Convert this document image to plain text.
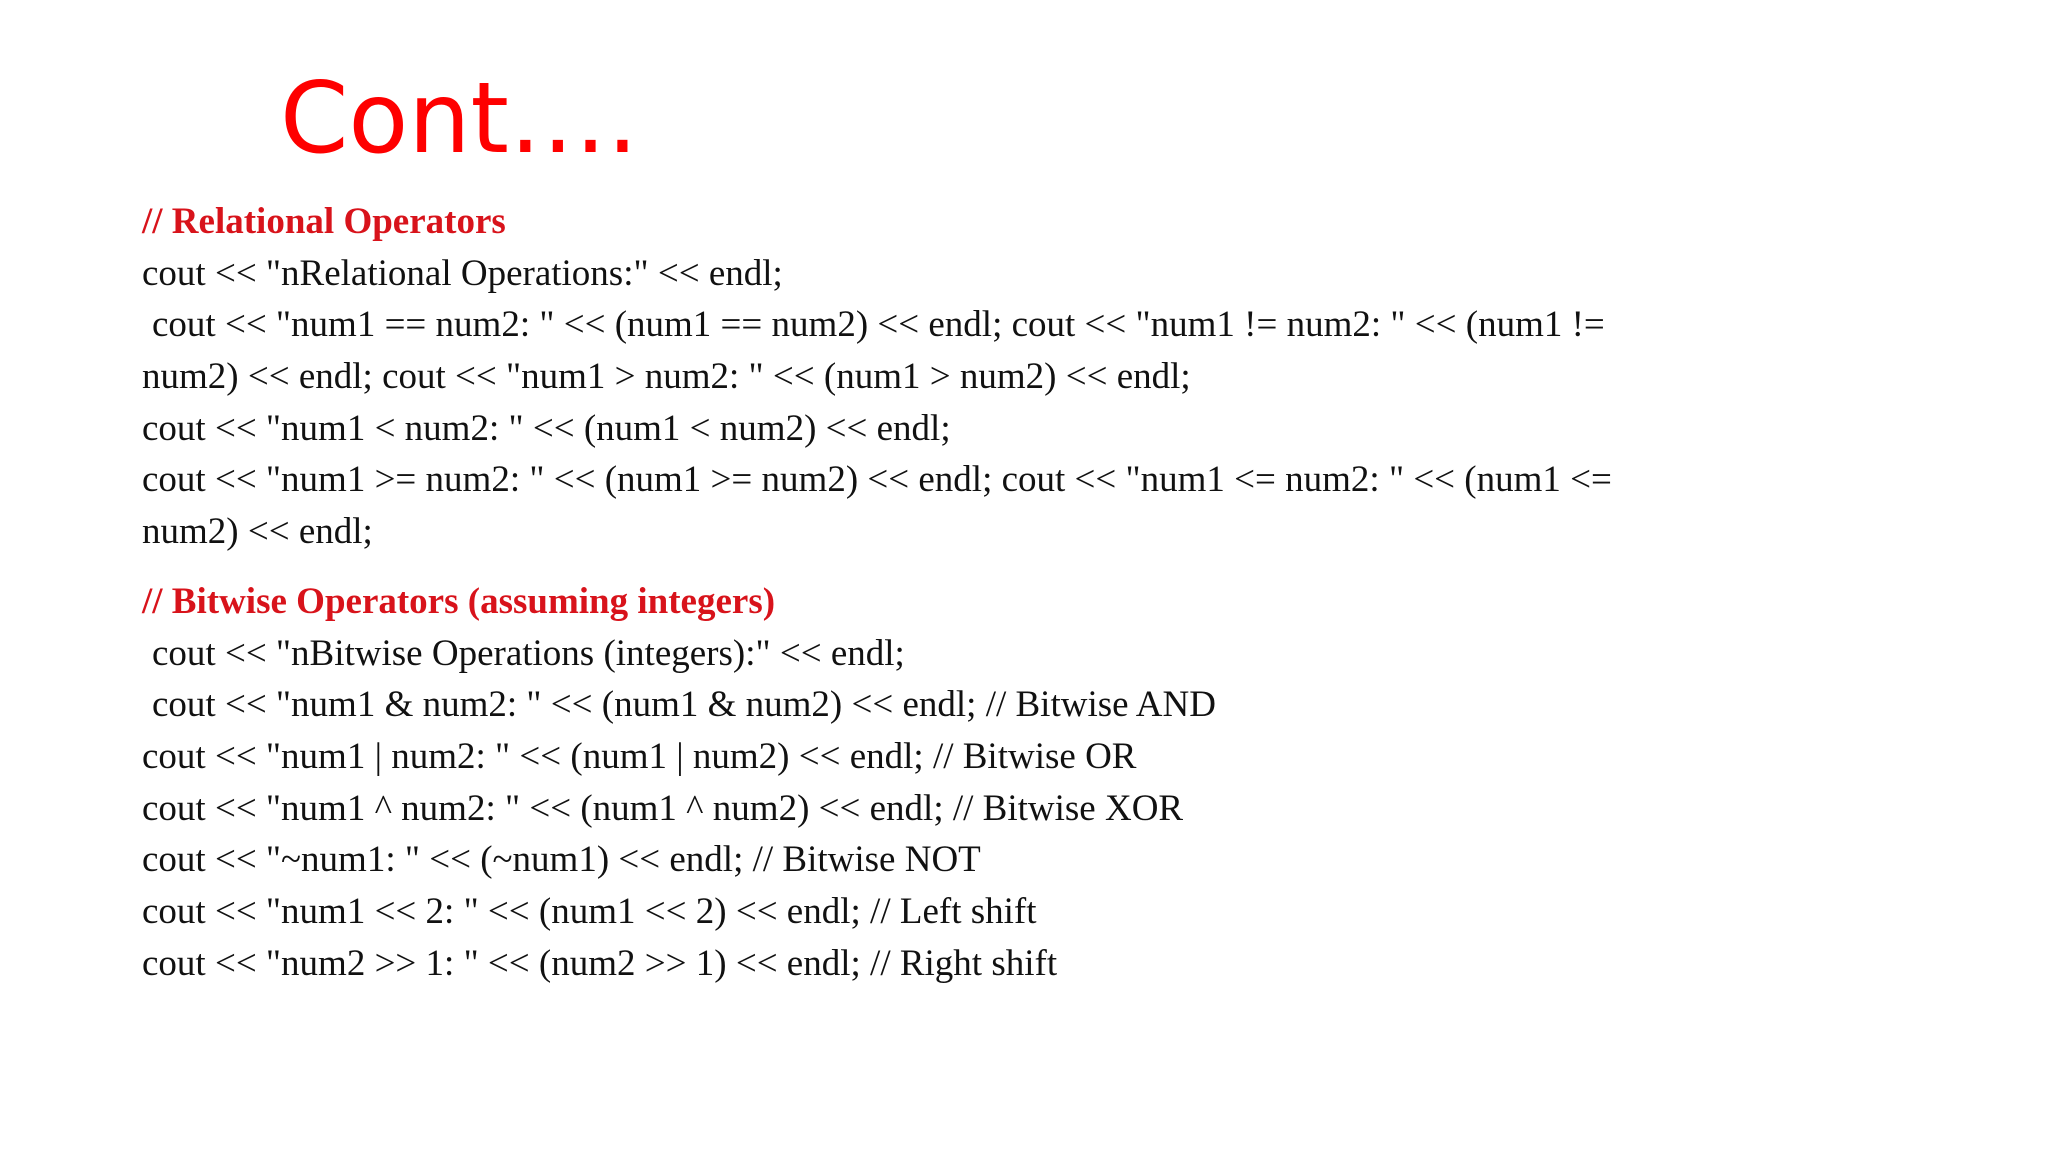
Cont….
// Relational Operators
cout << "nRelational Operations:" << endl;
cout << "num1 == num2: " << (num1 == num2) << endl; cout << "num1 != num2: " << (num1 !=
num2) << endl; cout << "num1 > num2: " << (num1 > num2) << endl;
cout << "num1 < num2: " << (num1 < num2) << endl;
cout << "num1 >= num2: " << (num1 >= num2) << endl; cout << "num1 <= num2: " << (num1 <=
num2) << endl;
// Bitwise Operators (assuming integers)
cout << "nBitwise Operations (integers):" << endl;
cout << "num1 & num2: " << (num1 & num2) << endl; // Bitwise AND
cout << "num1 | num2: " << (num1 | num2) << endl; // Bitwise OR
cout << "num1 ^ num2: " << (num1 ^ num2) << endl; // Bitwise XOR
cout << "~num1: " << (~num1) << endl; // Bitwise NOT
cout << "num1 << 2: " << (num1 << 2) << endl; // Left shift
cout << "num2 >> 1: " << (num2 >> 1) << endl; // Right shift
